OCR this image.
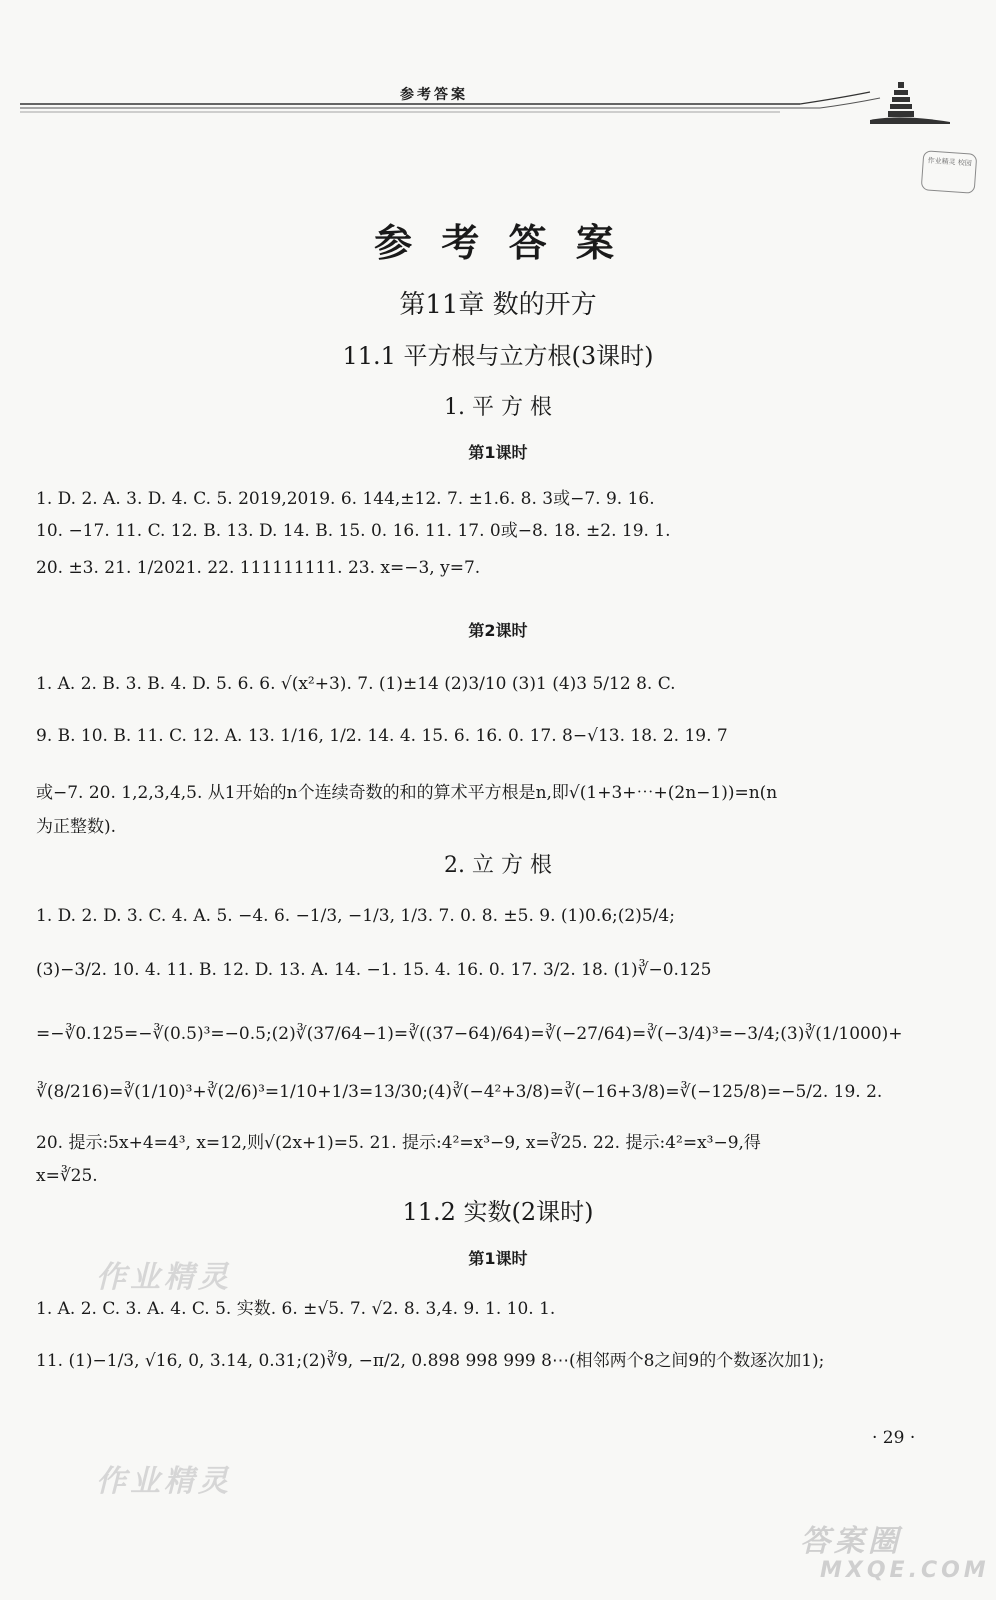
参考答案
作业精灵 校园
参 考 答 案
第11章 数的开方
11.1 平方根与立方根(3课时)
1. 平 方 根
第1课时
1. D. 2. A. 3. D. 4. C. 5. 2019,2019. 6. 144,±12. 7. ±1.6. 8. 3或−7. 9. 16.
10. −17. 11. C. 12. B. 13. D. 14. B. 15. 0. 16. 11. 17. 0或−8. 18. ±2. 19. 1.
20. ±3. 21. 1/2021. 22. 111111111. 23. x=−3, y=7.
第2课时
1. A. 2. B. 3. B. 4. D. 5. 6. 6. √(x²+3). 7. (1)±14 (2)3/10 (3)1 (4)3 5/12 8. C.
9. B. 10. B. 11. C. 12. A. 13. 1/16, 1/2. 14. 4. 15. 6. 16. 0. 17. 8−√13. 18. 2. 19. 7
或−7. 20. 1,2,3,4,5. 从1开始的n个连续奇数的和的算术平方根是n,即√(1+3+⋯+(2n−1))=n(n
为正整数).
2. 立 方 根
1. D. 2. D. 3. C. 4. A. 5. −4. 6. −1/3, −1/3, 1/3. 7. 0. 8. ±5. 9. (1)0.6;(2)5/4;
(3)−3/2. 10. 4. 11. B. 12. D. 13. A. 14. −1. 15. 4. 16. 0. 17. 3/2. 18. (1)∛−0.125
=−∛0.125=−∛(0.5)³=−0.5;(2)∛(37/64−1)=∛((37−64)/64)=∛(−27/64)=∛(−3/4)³=−3/4;(3)∛(1/1000)+
∛(8/216)=∛(1/10)³+∛(2/6)³=1/10+1/3=13/30;(4)∛(−4²+3/8)=∛(−16+3/8)=∛(−125/8)=−5/2. 19. 2.
20. 提示:5x+4=4³, x=12,则√(2x+1)=5. 21. 提示:4²=x³−9, x=∛25. 22. 提示:4²=x³−9,得
x=∛25.
11.2 实数(2课时)
第1课时
1. A. 2. C. 3. A. 4. C. 5. 实数. 6. ±√5. 7. √2. 8. 3,4. 9. 1. 10. 1.
11. (1)−1/3, √16, 0, 3.14, 0.31;(2)∛9, −π/2, 0.898 998 999 8⋯(相邻两个8之间9的个数逐次加1);
· 29 ·
作业精灵
作业精灵
答案圈
MXQE.COM
